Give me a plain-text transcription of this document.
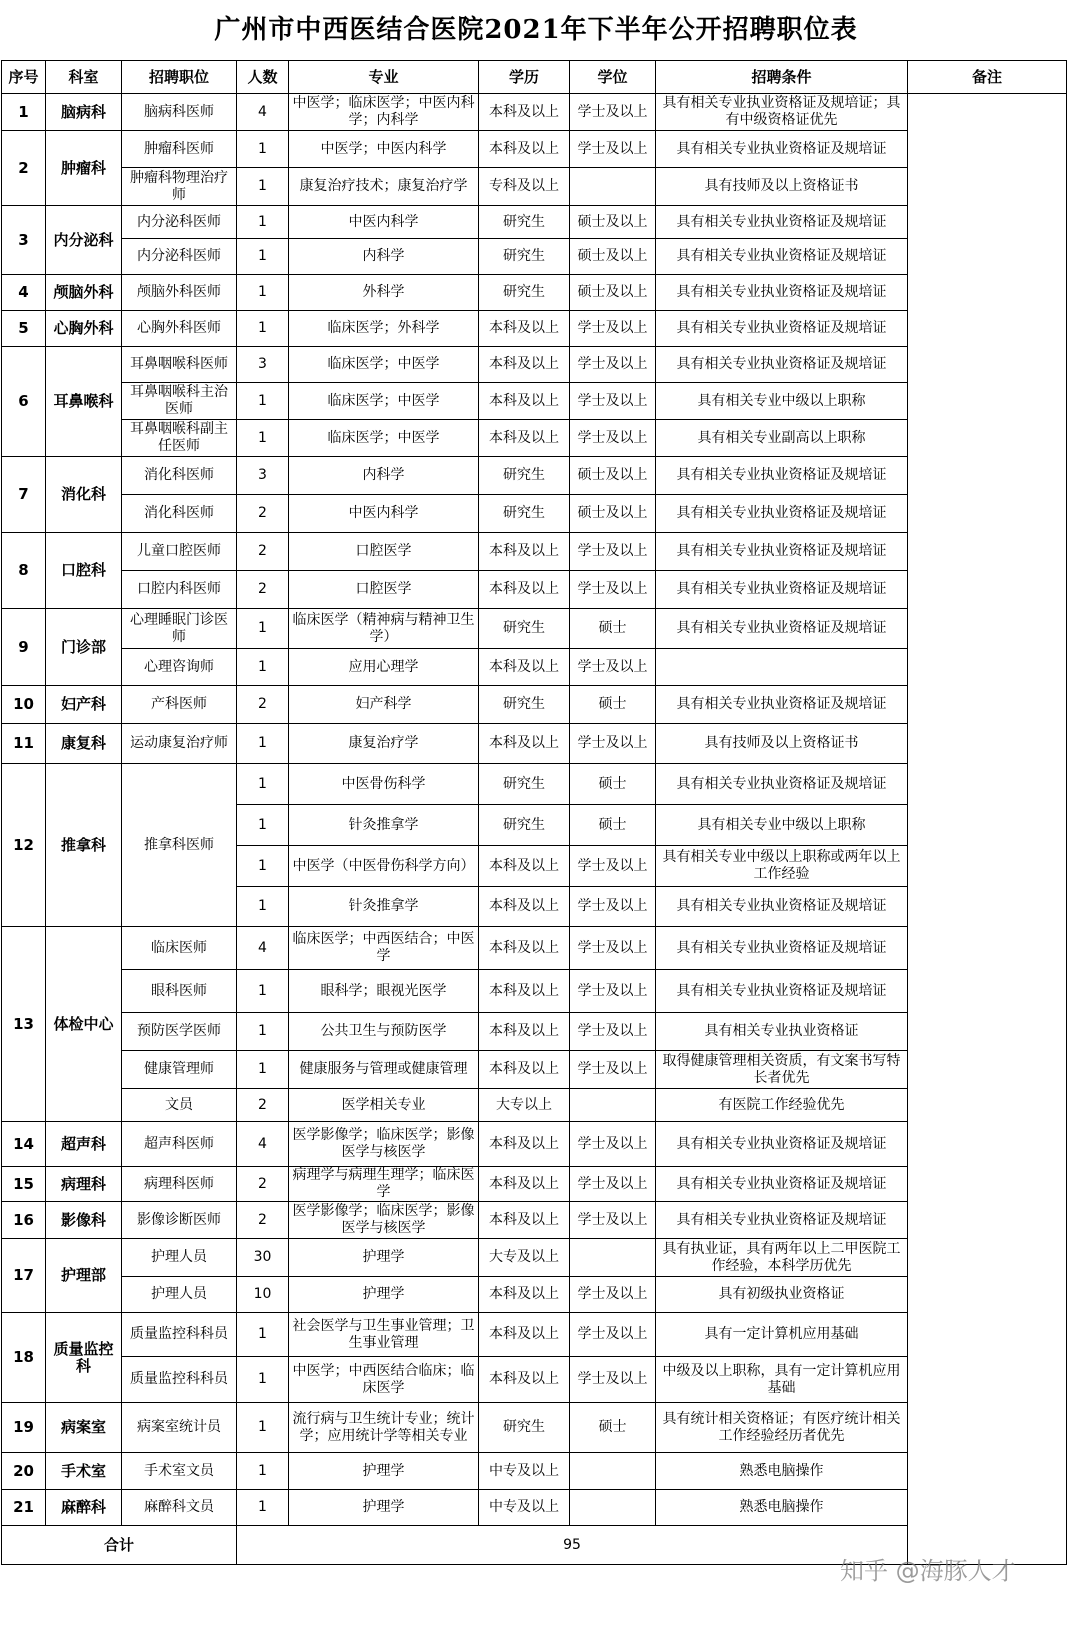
广州市中西医结合医院2021年下半年公开招聘职位表
序号	科室	招聘职位	人数	专业	学历	学位	招聘条件	备注
1	脑病科	脑病科医师	4	中医学；临床医学；中医内科学；内科学	本科及以上	学士及以上	具有相关专业执业资格证及规培证；具有中级资格证优先	
2	肿瘤科	肿瘤科医师	1	中医学；中医内科学	本科及以上	学士及以上	具有相关专业执业资格证及规培证	
		肿瘤科物理治疗师	1	康复治疗技术；康复治疗学	专科及以上		具有技师及以上资格证书	
3	内分泌科	内分泌科医师	1	中医内科学	研究生	硕士及以上	具有相关专业执业资格证及规培证	
		内分泌科医师	1	内科学	研究生	硕士及以上	具有相关专业执业资格证及规培证	
4	颅脑外科	颅脑外科医师	1	外科学	研究生	硕士及以上	具有相关专业执业资格证及规培证	
5	心胸外科	心胸外科医师	1	临床医学；外科学	本科及以上	学士及以上	具有相关专业执业资格证及规培证	
6	耳鼻喉科	耳鼻咽喉科医师	3	临床医学；中医学	本科及以上	学士及以上	具有相关专业执业资格证及规培证	
		耳鼻咽喉科主治医师	1	临床医学；中医学	本科及以上	学士及以上	具有相关专业中级以上职称	
		耳鼻咽喉科副主任医师	1	临床医学；中医学	本科及以上	学士及以上	具有相关专业副高以上职称	
7	消化科	消化科医师	3	内科学	研究生	硕士及以上	具有相关专业执业资格证及规培证	
		消化科医师	2	中医内科学	研究生	硕士及以上	具有相关专业执业资格证及规培证	
8	口腔科	儿童口腔医师	2	口腔医学	本科及以上	学士及以上	具有相关专业执业资格证及规培证	
		口腔内科医师	2	口腔医学	本科及以上	学士及以上	具有相关专业执业资格证及规培证	
9	门诊部	心理睡眠门诊医师	1	临床医学（精神病与精神卫生学）	研究生	硕士	具有相关专业执业资格证及规培证	
		心理咨询师	1	应用心理学	本科及以上	学士及以上		
10	妇产科	产科医师	2	妇产科学	研究生	硕士	具有相关专业执业资格证及规培证	
11	康复科	运动康复治疗师	1	康复治疗学	本科及以上	学士及以上	具有技师及以上资格证书	
12	推拿科	推拿科医师	1	中医骨伤科学	研究生	硕士	具有相关专业执业资格证及规培证	
			1	针灸推拿学	研究生	硕士	具有相关专业中级以上职称	
			1	中医学（中医骨伤科学方向）	本科及以上	学士及以上	具有相关专业中级以上职称或两年以上工作经验	
			1	针灸推拿学	本科及以上	学士及以上	具有相关专业执业资格证及规培证	
13	体检中心	临床医师	4	临床医学；中西医结合；中医学	本科及以上	学士及以上	具有相关专业执业资格证及规培证	
		眼科医师	1	眼科学；眼视光医学	本科及以上	学士及以上	具有相关专业执业资格证及规培证	
		预防医学医师	1	公共卫生与预防医学	本科及以上	学士及以上	具有相关专业执业资格证	
		健康管理师	1	健康服务与管理或健康管理	本科及以上	学士及以上	取得健康管理相关资质，有文案书写特长者优先	
		文员	2	医学相关专业	大专以上		有医院工作经验优先	
14	超声科	超声科医师	4	医学影像学；临床医学；影像医学与核医学	本科及以上	学士及以上	具有相关专业执业资格证及规培证	
15	病理科	病理科医师	2	病理学与病理生理学；临床医学	本科及以上	学士及以上	具有相关专业执业资格证及规培证	
16	影像科	影像诊断医师	2	医学影像学；临床医学；影像医学与核医学	本科及以上	学士及以上	具有相关专业执业资格证及规培证	
17	护理部	护理人员	30	护理学	大专及以上		具有执业证，具有两年以上二甲医院工作经验，本科学历优先	
		护理人员	10	护理学	本科及以上	学士及以上	具有初级执业资格证	
18	质量监控科	质量监控科科员	1	社会医学与卫生事业管理；卫生事业管理	本科及以上	学士及以上	具有一定计算机应用基础	
		质量监控科科员	1	中医学；中西医结合临床；临床医学	本科及以上	学士及以上	中级及以上职称，具有一定计算机应用基础	
19	病案室	病案室统计员	1	流行病与卫生统计专业；统计学；应用统计学等相关专业	研究生	硕士	具有统计相关资格证；有医疗统计相关工作经验经历者优先	
20	手术室	手术室文员	1	护理学	中专及以上		熟悉电脑操作	
21	麻醉科	麻醉科文员	1	护理学	中专及以上		熟悉电脑操作	
合计			95					
知乎 @海豚人才
